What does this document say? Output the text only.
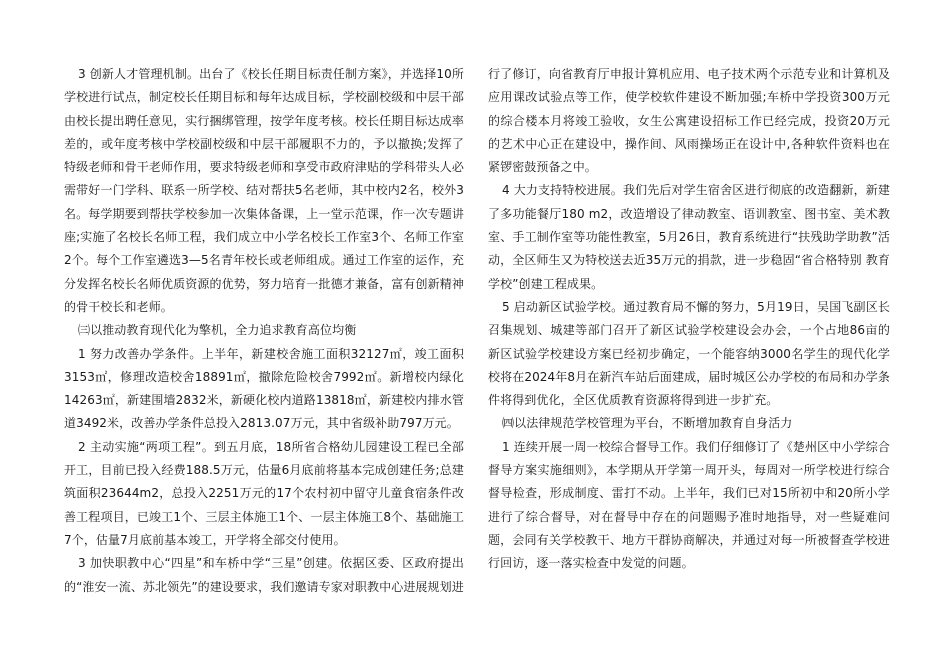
3 创新人才管理机制。出台了《校长任期目标责任制方案》，并选择10所学校进行试点，制定校长任期目标和每年达成目标，学校副校级和中层干部由校长提出聘任意见，实行捆绑管理，按学年度考核。校长任期目标达成率差的，或年度考核中学校副校级和中层干部履职不力的，予以撤换;发挥了特级老师和骨干老师作用，要求特级老师和享受市政府津贴的学科带头人必需带好一门学科、联系一所学校、结对帮扶5名老师，其中校内2名，校外3名。每学期要到帮扶学校参加一次集体备课，上一堂示范课，作一次专题讲座;实施了名校长名师工程，我们成立中小学名校长工作室3个、名师工作室2个。每个工作室遴选3—5名青年校长或老师组成。通过工作室的运作，充分发挥名校长名师优质资源的优势，努力培育一批德才兼备，富有创新精神的骨干校长和老师。

㈢以推动教育现代化为擎机，全力追求教育高位均衡

1 努力改善办学条件。上半年，新建校舍施工面积32127㎡，竣工面积3153㎡，修理改造校舍18891㎡，撤除危险校舍7992㎡。新增校内绿化14263㎡，新建围墙2832米，新硬化校内道路13818㎡，新建校内排水管道3492米，改善办学条件总投入2813.07万元，其中省级补助797万元。

2 主动实施“两项工程”。到五月底，18所省合格幼儿园建设工程已全部开工，目前已投入经费188.5万元，估量6月底前将基本完成创建任务;总建筑面积23644m2，总投入2251万元的17个农村初中留守儿童食宿条件改善工程项目，已竣工1个、三层主体施工1个、一层主体施工8个、基础施工7个，估量7月底前基本竣工，开学将全部交付使用。

3 加快职教中心“四星”和车桥中学“三星”创建。依据区委、区政府提出的“淮安一流、苏北领先”的建设要求，我们邀请专家对职教中心进展规划进

行了修订，向省教育厅申报计算机应用、电子技术两个示范专业和计算机及应用课改试验点等工作，使学校软件建设不断加强;车桥中学投资300万元的综合楼本月将竣工验收，女生公寓建设招标工作已经完成，投资20万元的艺术中心正在建设中，操作间、风雨操场正在设计中,各种软件资料也在紧锣密鼓预备之中。

4 大力支持特校进展。我们先后对学生宿舍区进行彻底的改造翻新，新建了多功能餐厅180 m2，改造增设了律动教室、语训教室、图书室、美术教室、手工制作室等功能性教室，5月26日，教育系统进行“扶残助学助教”活动，全区师生又为特校送去近35万元的捐款，进一步稳固“省合格特别 教育学校”创建工程成果。

5 启动新区试验学校。通过教育局不懈的努力，5月19日，吴国飞副区长召集规划、城建等部门召开了新区试验学校建设会办会，一个占地86亩的新区试验学校建设方案已经初步确定，一个能容纳3000名学生的现代化学校将在2024年8月在新汽车站后面建成，届时城区公办学校的布局和办学条件将得到优化，全区优质教育资源将得到进一步扩充。

㈣以法律规范学校管理为平台，不断增加教育自身活力

1 连续开展一周一校综合督导工作。我们仔细修订了《楚州区中小学综合督导方案实施细则》，本学期从开学第一周开头，每周对一所学校进行综合督导检查，形成制度、雷打不动。上半年，我们已对15所初中和20所小学进行了综合督导，对在督导中存在的问题赐予准时地指导，对一些疑难问题，会同有关学校教干、地方干群协商解决，并通过对每一所被督查学校进行回访，逐一落实检查中发觉的问题。
